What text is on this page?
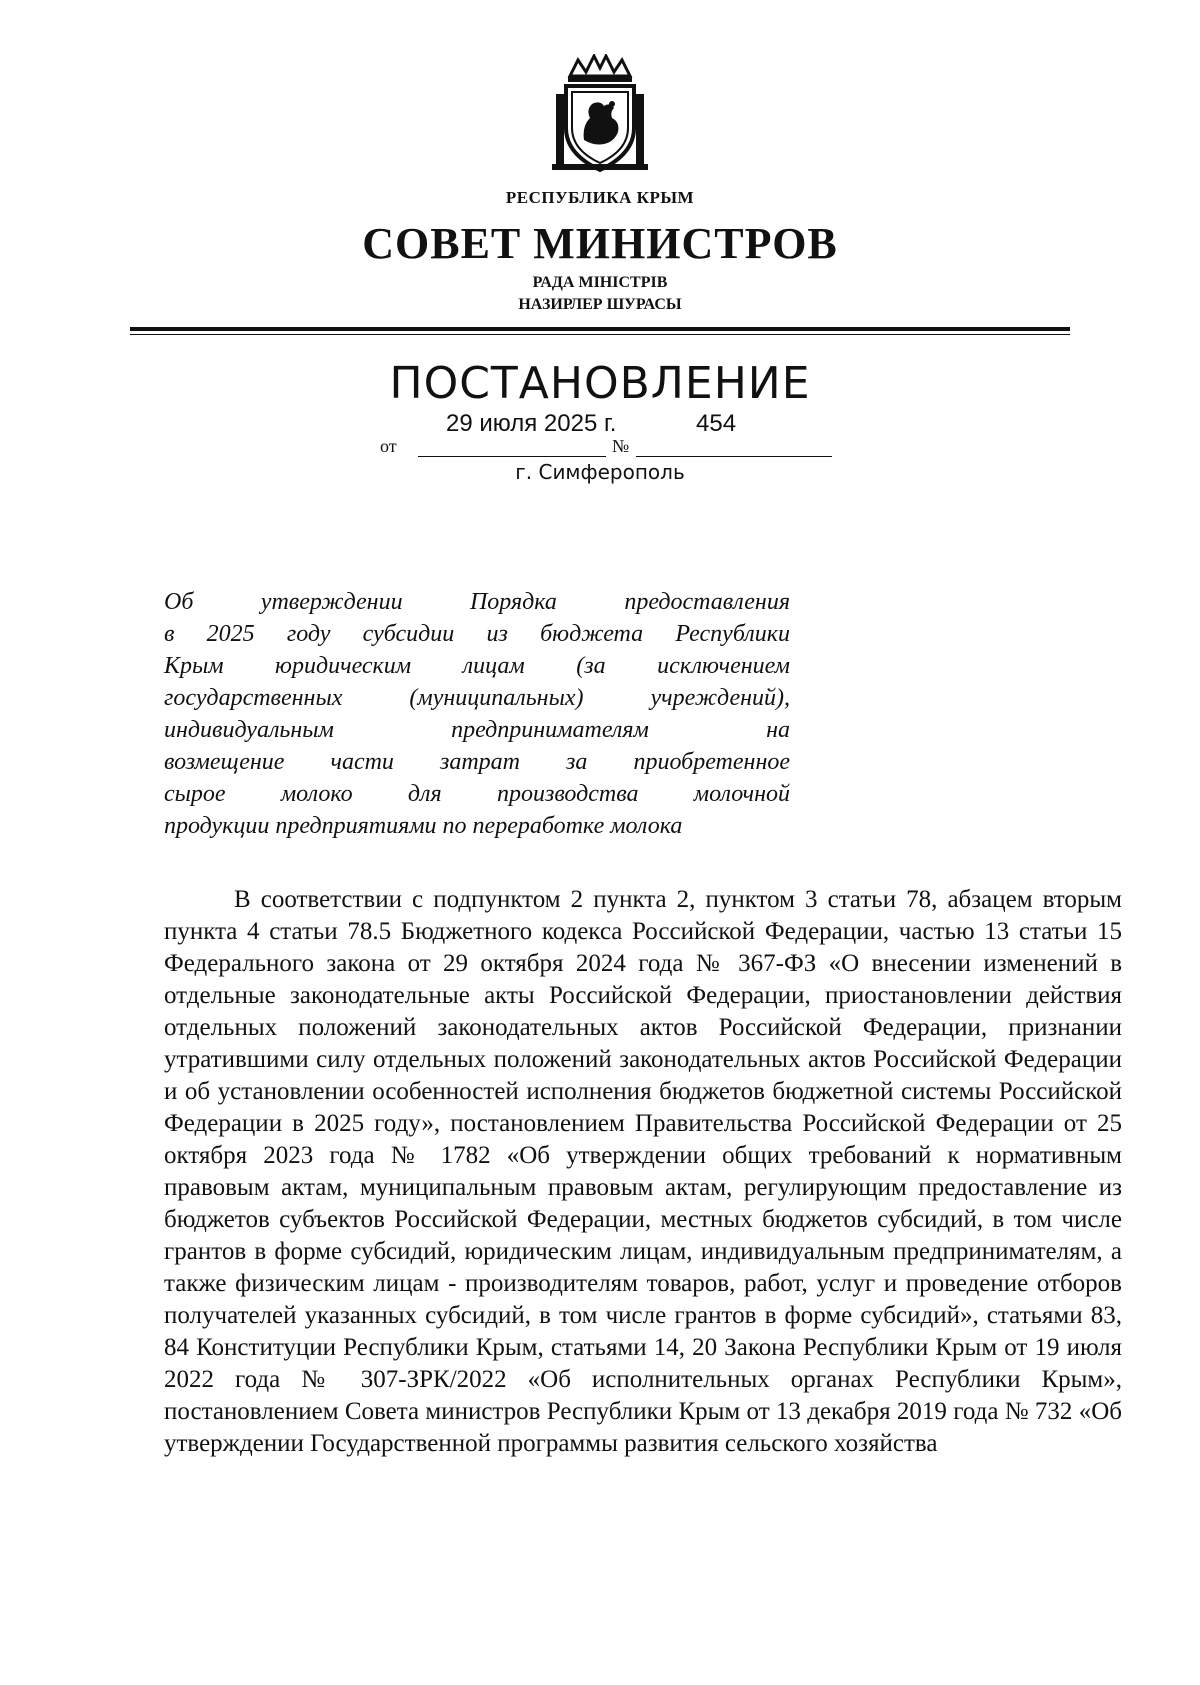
РЕСПУБЛИКА КРЫМ
СОВЕТ МИНИСТРОВ
РАДА МІНІСТРІВ
НАЗИРЛЕР ШУРАСЫ
ПОСТАНОВЛЕНИЕ
от
29 июля 2025 г.
№
454
г. Симферополь
Об утверждении Порядка предоставления
в 2025 году субсидии из бюджета Республики
Крым юридическим лицам (за исключением
государственных (муниципальных) учреждений),
индивидуальным предпринимателям на
возмещение части затрат за приобретенное
сырое молоко для производства молочной
продукции предприятиями по переработке молока

В соответствии с подпунктом 2 пункта 2, пунктом 3 статьи 78, абзацем вторым пункта 4 статьи 78.5 Бюджетного кодекса Российской Федерации, частью 13 статьи 15 Федерального закона от 29 октября 2024 года № 367-ФЗ «О внесении изменений в отдельные законодательные акты Российской Федерации, приостановлении действия отдельных положений законодательных актов Российской Федерации, признании утратившими силу отдельных положений законодательных актов Российской Федерации и об установлении особенностей исполнения бюджетов бюджетной системы Российской Федерации в 2025 году», постановлением Правительства Российской Федерации от 25 октября 2023 года № 1782 «Об утверждении общих требований к нормативным правовым актам, муниципальным правовым актам, регулирующим предоставление из бюджетов субъектов Российской Федерации, местных бюджетов субсидий, в том числе грантов в форме субсидий, юридическим лицам, индивидуальным предпринимателям, а также физическим лицам - производителям товаров, работ, услуг и проведение отборов получателей указанных субсидий, в том числе грантов в форме субсидий», статьями 83, 84 Конституции Республики Крым, статьями 14, 20 Закона Республики Крым от 19 июля 2022 года № 307-ЗРК/2022 «Об исполнительных органах Республики Крым», постановлением Совета министров Республики Крым от 13 декабря 2019 года № 732 «Об утверждении Государственной программы развития сельского хозяйства
